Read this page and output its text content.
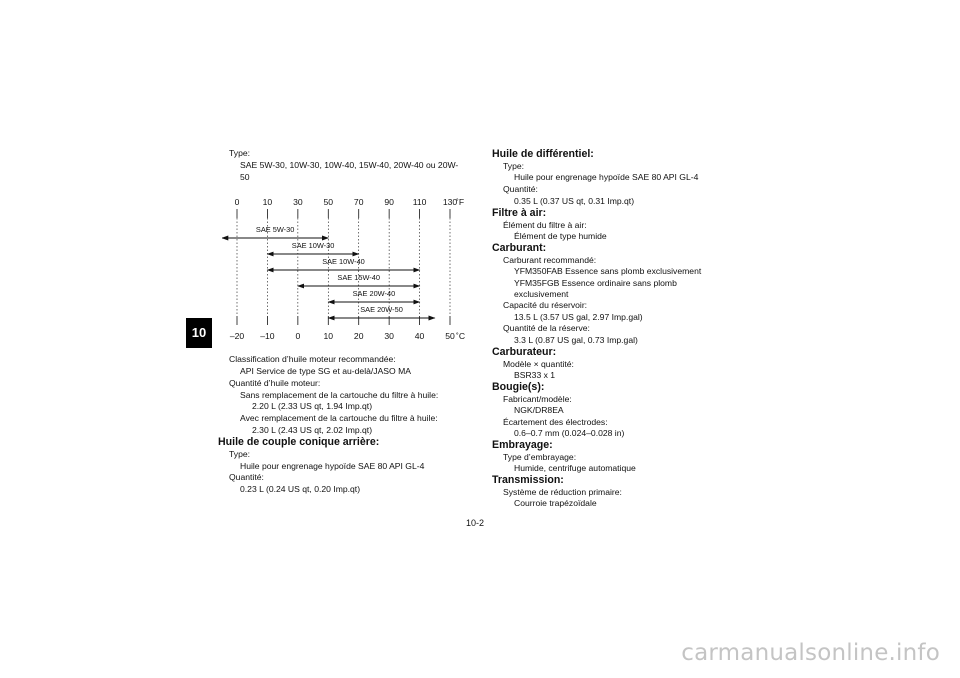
10
10-2
carmanualsonline.info
Type:
SAE 5W-30, 10W-30, 10W-40, 15W-40, 20W-40 ou 20W-
50
0	10 30 50 70 90 110 130
˚F
–20 –10 0	10 20 30 40 50 ˚C
SAE 5W-30
SAE 10W-30
SAE 10W-40
SAE 15W-40
SAE 20W-40
SAE 20W-50
Classification d’huile moteur recommandée:
API Service de type SG et au-delà/JASO MA
Quantité d’huile moteur:
Sans remplacement de la cartouche du filtre à huile:
2.20 L (2.33 US qt, 1.94 Imp.qt)
Avec remplacement de la cartouche du filtre à huile:
2.30 L (2.43 US qt, 2.02 Imp.qt)
Huile de couple conique arrière:
Type:
Huile pour engrenage hypoïde SAE 80 API GL-4
Quantité:
0.23 L (0.24 US qt, 0.20 Imp.qt)
Huile de différentiel:
Type:
Huile pour engrenage hypoïde SAE 80 API GL-4
Quantité:
0.35 L (0.37 US qt, 0.31 Imp.qt)
Filtre à air:
Élément du filtre à air:
Élément de type humide
Carburant:
Carburant recommandé:
YFM350FAB Essence sans plomb exclusivement
YFM35FGB Essence ordinaire sans plomb
exclusivement
Capacité du réservoir:
13.5 L (3.57 US gal, 2.97 Imp.gal)
Quantité de la réserve:
3.3 L (0.87 US gal, 0.73 Imp.gal)
Carburateur:
Modèle × quantité:
BSR33 x 1
Bougie(s):
Fabricant/modèle:
NGK/DR8EA
Écartement des électrodes:
0.6–0.7 mm (0.024–0.028 in)
Embrayage:
Type d’embrayage:
Humide, centrifuge automatique
Transmission:
Système de réduction primaire:
Courroie trapézoïdale
